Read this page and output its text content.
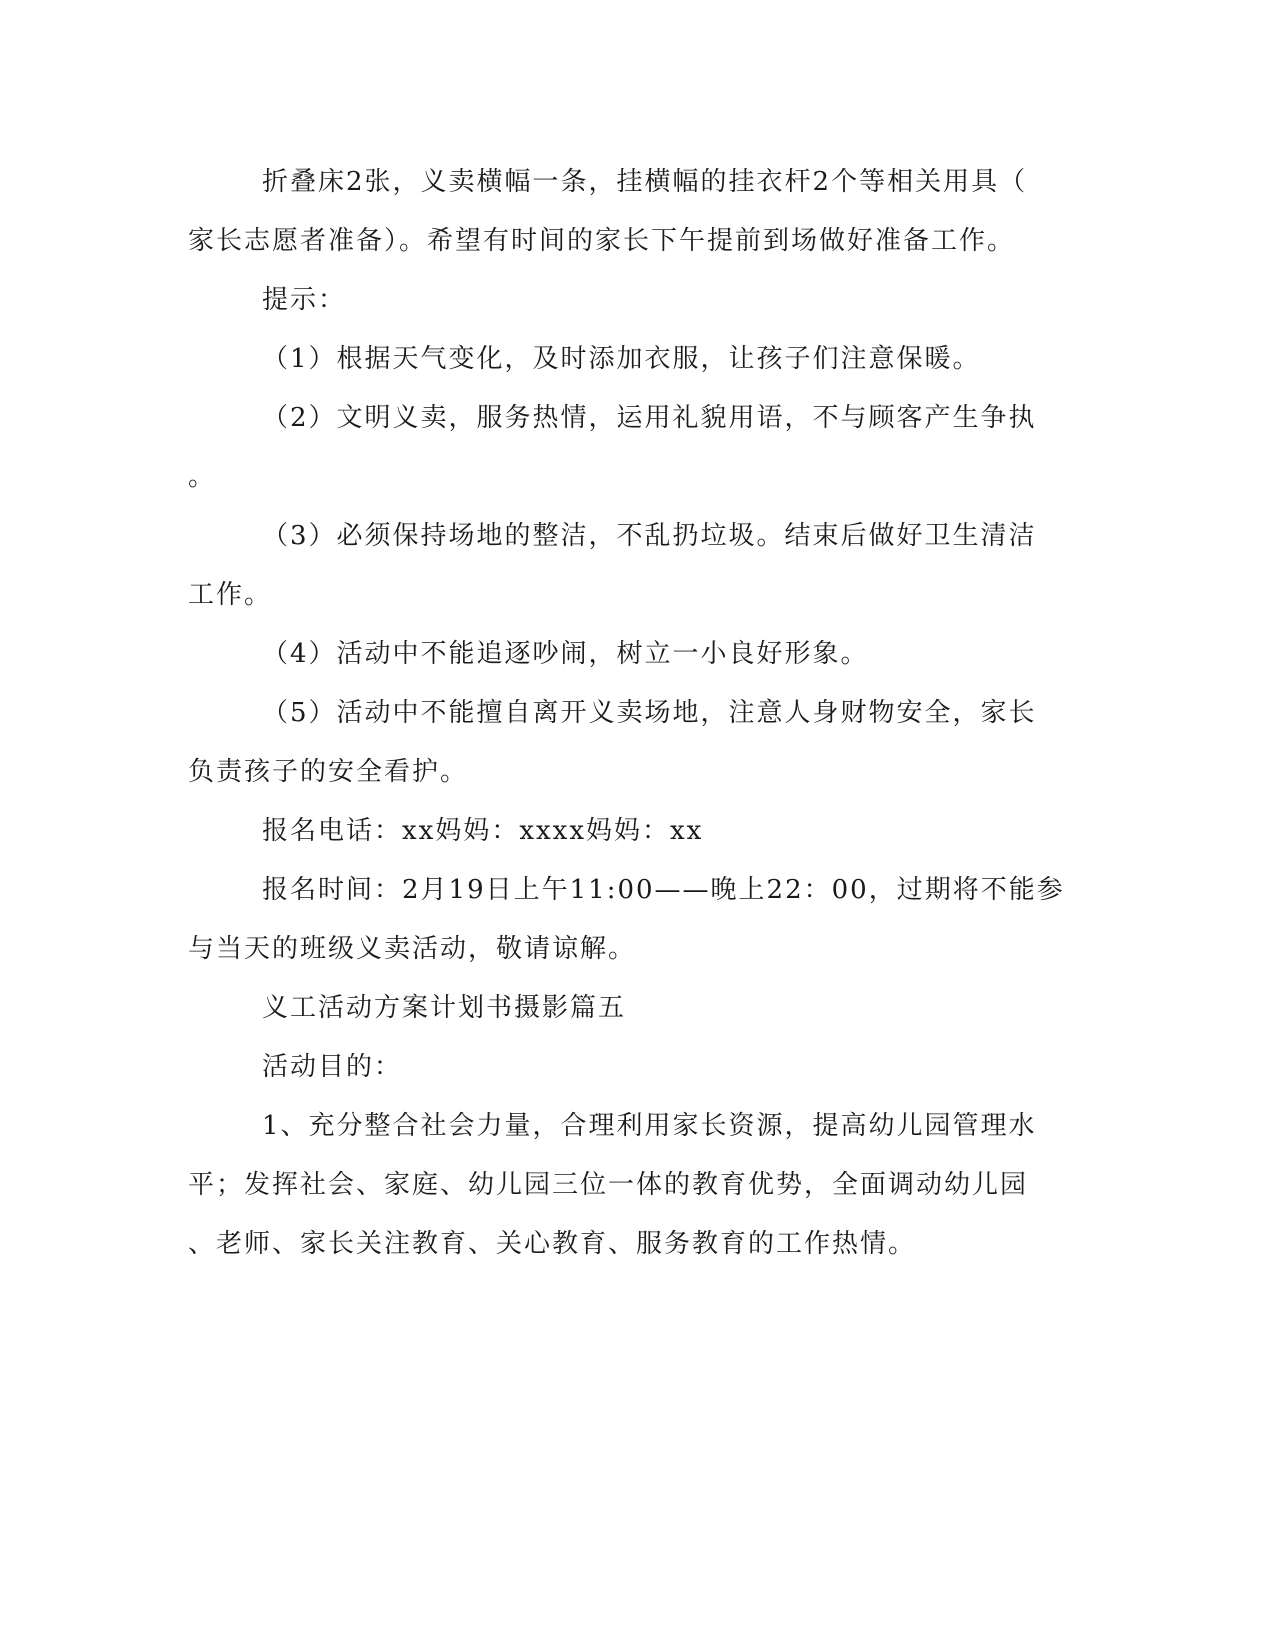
折叠床2张，义卖横幅一条，挂横幅的挂衣杆2个等相关用具（
家长志愿者准备）。希望有时间的家长下午提前到场做好准备工作。
提示：
（1）根据天气变化，及时添加衣服，让孩子们注意保暖。
（2）文明义卖，服务热情，运用礼貌用语，不与顾客产生争执
。
（3）必须保持场地的整洁，不乱扔垃圾。结束后做好卫生清洁
工作。
（4）活动中不能追逐吵闹，树立一小良好形象。
（5）活动中不能擅自离开义卖场地，注意人身财物安全，家长
负责孩子的安全看护。
报名电话：xx妈妈：xxxx妈妈：xx
报名时间：2月19日上午11:00——晚上22：00，过期将不能参
与当天的班级义卖活动，敬请谅解。
义工活动方案计划书摄影篇五
活动目的：
1、充分整合社会力量，合理利用家长资源，提高幼儿园管理水
平；发挥社会、家庭、幼儿园三位一体的教育优势，全面调动幼儿园
、老师、家长关注教育、关心教育、服务教育的工作热情。
